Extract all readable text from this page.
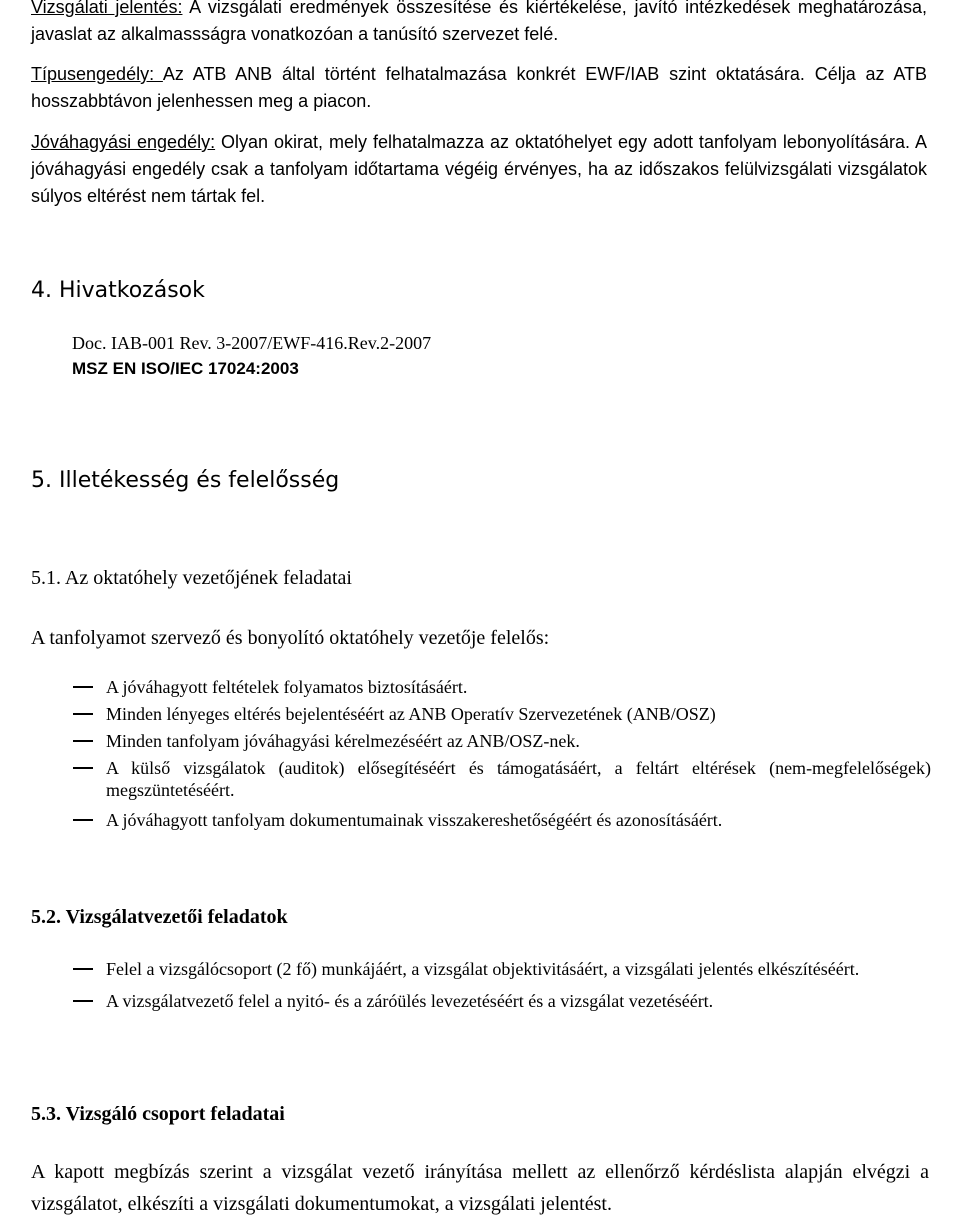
Vizsgálati jelentés: A vizsgálati eredmények összesítése és kiértékelése, javító intézkedések meghatározása, javaslat az alkalmassságra vonatkozóan a tanúsító szervezet felé.

Típusengedély: Az ATB ANB által történt felhatalmazása konkrét EWF/IAB szint oktatására. Célja az ATB hosszabbtávon jelenhessen meg a piacon.

Jóváhagyási engedély: Olyan okirat, mely felhatalmazza az oktatóhelyet egy adott tanfolyam lebonyolítására. A jóváhagyási engedély csak a tanfolyam időtartama végéig érvényes, ha az időszakos felülvizsgálati vizsgálatok súlyos eltérést nem tártak fel.

4. Hivatkozások
Doc. IAB-001 Rev. 3-2007/EWF-416.Rev.2-2007
MSZ EN ISO/IEC 17024:2003
5. Illetékesség és felelősség
5.1. Az oktatóhely vezetőjének feladatai
A tanfolyamot szervező és bonyolító oktatóhely vezetője felelős:
A jóváhagyott feltételek folyamatos biztosításáért.
Minden lényeges eltérés bejelentéséért az ANB Operatív Szervezetének (ANB/OSZ)
Minden tanfolyam jóváhagyási kérelmezéséért az ANB/OSZ-nek.
A külső vizsgálatok (auditok) elősegítéséért és támogatásáért, a feltárt eltérések (nem-megfelelőségek) megszüntetéséért.
A jóváhagyott tanfolyam dokumentumainak visszakereshetőségéért és azonosításáért.
5.2. Vizsgálatvezetői feladatok
Felel a vizsgálócsoport (2 fő) munkájáért, a vizsgálat objektivitásáért, a vizsgálati jelentés elkészítéséért.
A vizsgálatvezető felel a nyitó- és a záróülés levezetéséért és a vizsgálat vezetéséért.
5.3. Vizsgáló csoport feladatai

A kapott megbízás szerint a vizsgálat vezető irányítása mellett az ellenőrző kérdéslista alapján elvégzi a vizsgálatot, elkészíti a vizsgálati dokumentumokat, a vizsgálati jelentést.
